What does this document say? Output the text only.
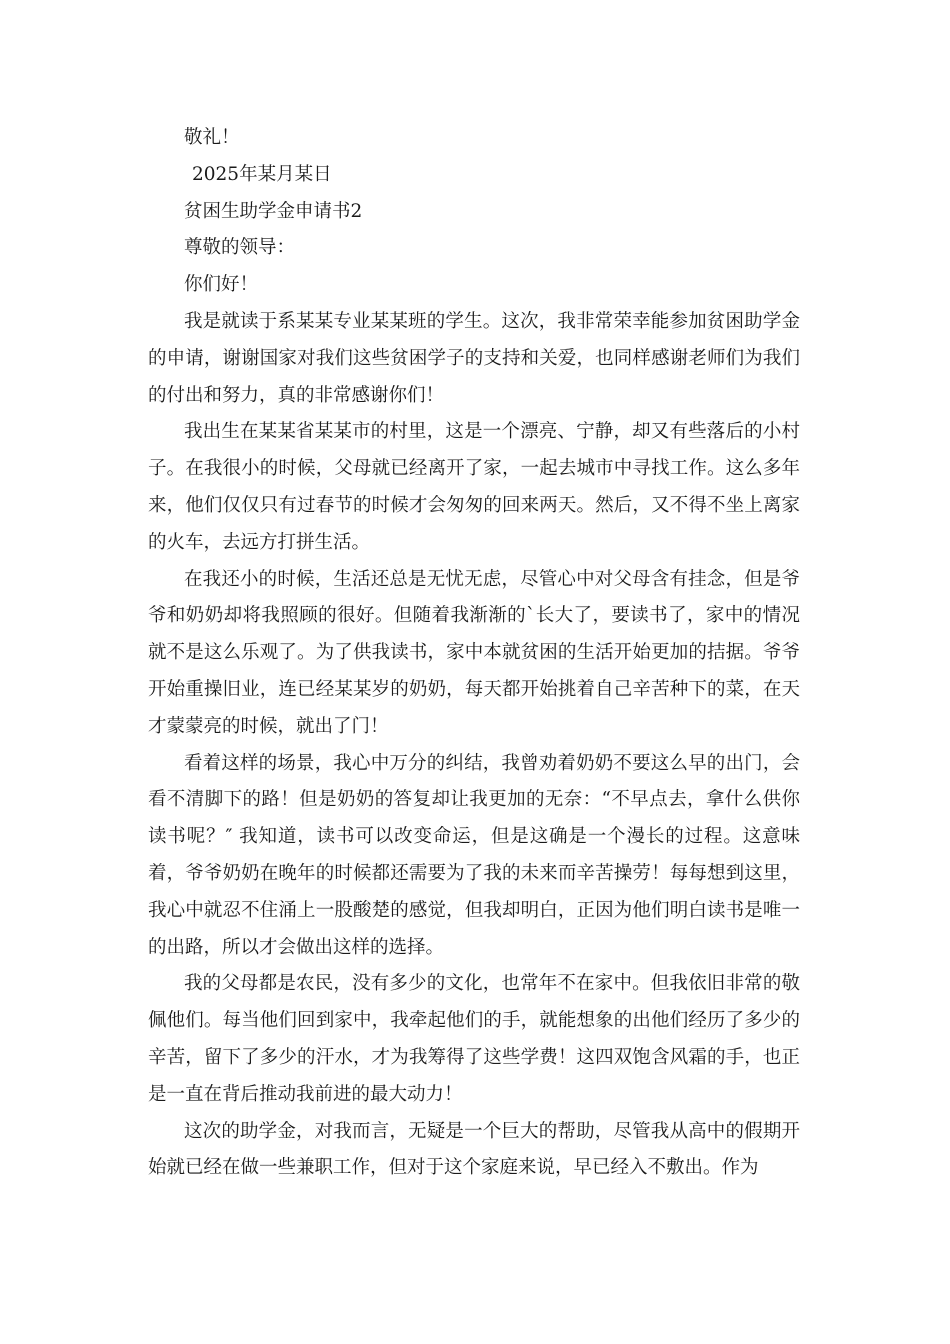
敬礼！

2025年某月某日

贫困生助学金申请书2

尊敬的领导：

你们好！

我是就读于系某某专业某某班的学生。这次，我非常荣幸能参加贫困助学金的申请，谢谢国家对我们这些贫困学子的支持和关爱，也同样感谢老师们为我们的付出和努力，真的非常感谢你们！

我出生在某某省某某市的村里，这是一个漂亮、宁静，却又有些落后的小村子。在我很小的时候，父母就已经离开了家，一起去城市中寻找工作。这么多年来，他们仅仅只有过春节的时候才会匆匆的回来两天。然后，又不得不坐上离家的火车，去远方打拼生活。

在我还小的时候，生活还总是无忧无虑，尽管心中对父母含有挂念，但是爷爷和奶奶却将我照顾的很好。但随着我渐渐的`长大了，要读书了，家中的情况就不是这么乐观了。为了供我读书，家中本就贫困的生活开始更加的拮据。爷爷开始重操旧业，连已经某某岁的奶奶，每天都开始挑着自己辛苦种下的菜，在天才蒙蒙亮的时候，就出了门！

看着这样的场景，我心中万分的纠结，我曾劝着奶奶不要这么早的出门，会看不清脚下的路！但是奶奶的答复却让我更加的无奈：“不早点去，拿什么供你读书呢？″ 我知道，读书可以改变命运，但是这确是一个漫长的过程。这意味着，爷爷奶奶在晚年的时候都还需要为了我的未来而辛苦操劳！每每想到这里，我心中就忍不住涌上一股酸楚的感觉，但我却明白，正因为他们明白读书是唯一的出路，所以才会做出这样的选择。

我的父母都是农民，没有多少的文化，也常年不在家中。但我依旧非常的敬佩他们。每当他们回到家中，我牵起他们的手，就能想象的出他们经历了多少的辛苦，留下了多少的汗水，才为我筹得了这些学费！这四双饱含风霜的手，也正是一直在背后推动我前进的最大动力！

这次的助学金，对我而言，无疑是一个巨大的帮助，尽管我从高中的假期开始就已经在做一些兼职工作，但对于这个家庭来说，早已经入不敷出。作为
